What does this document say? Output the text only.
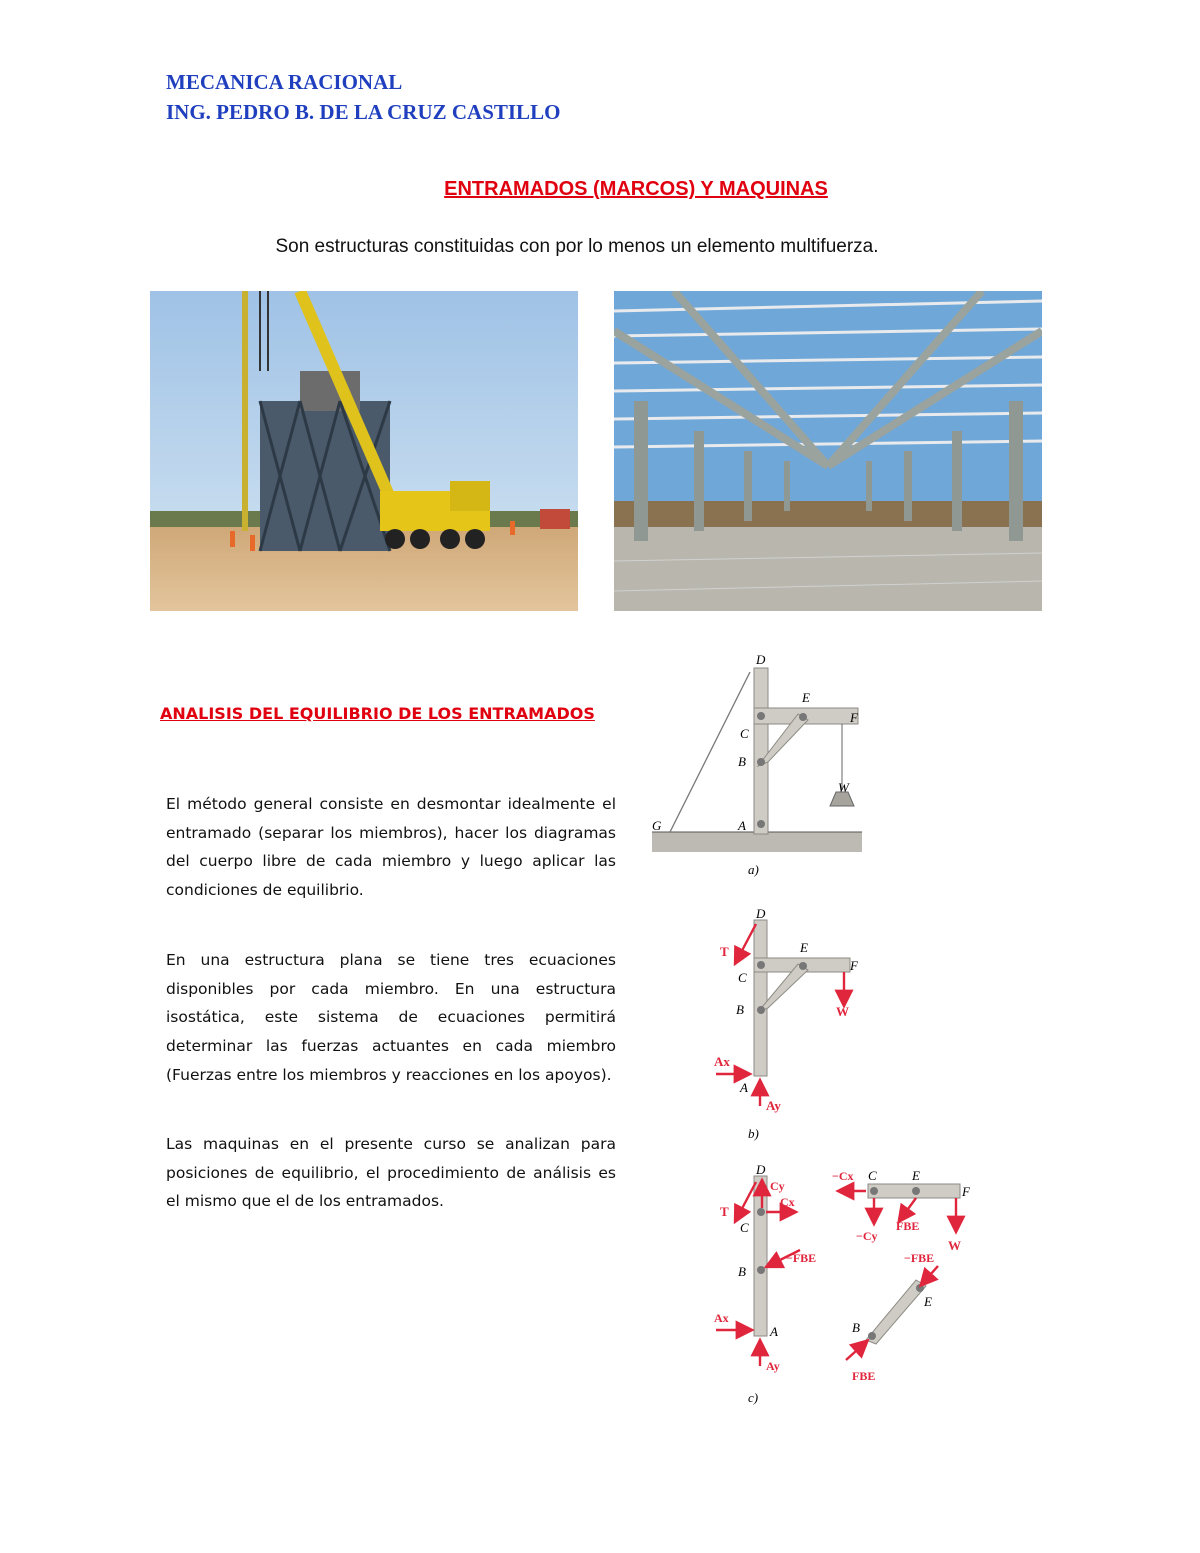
MECANICA RACIONAL
ING. PEDRO B. DE LA CRUZ CASTILLO
ENTRAMADOS (MARCOS) Y MAQUINAS
Son estructuras constituidas con por lo menos un elemento multifuerza.
ANALISIS DEL EQUILIBRIO DE LOS ENTRAMADOS

El método general consiste en desmontar idealmente el entramado (separar los miembros), hacer los diagramas del cuerpo libre de cada miembro y luego aplicar las condiciones de equilibrio.

En una estructura plana se tiene tres ecuaciones disponibles por cada miembro. En una estructura isostática, este sistema de ecuaciones permitirá determinar las fuerzas actuantes en cada miembro (Fuerzas entre los miembros y reacciones en los apoyos).

Las maquinas en el presente curso se analizan para posiciones de equilibrio, el procedimiento de análisis es el mismo que el de los entramados.

D
E
F
C
B
W
G	A
a)
D
T	E
F
C
B	W
Ax
A
Ay
b)
D
Cy
T
C
Cx
−FBE
B
Ax
A
Ay
−Cx C	E
F
FBE
−Cy
W
−FBE
E
B
FBE
c)
